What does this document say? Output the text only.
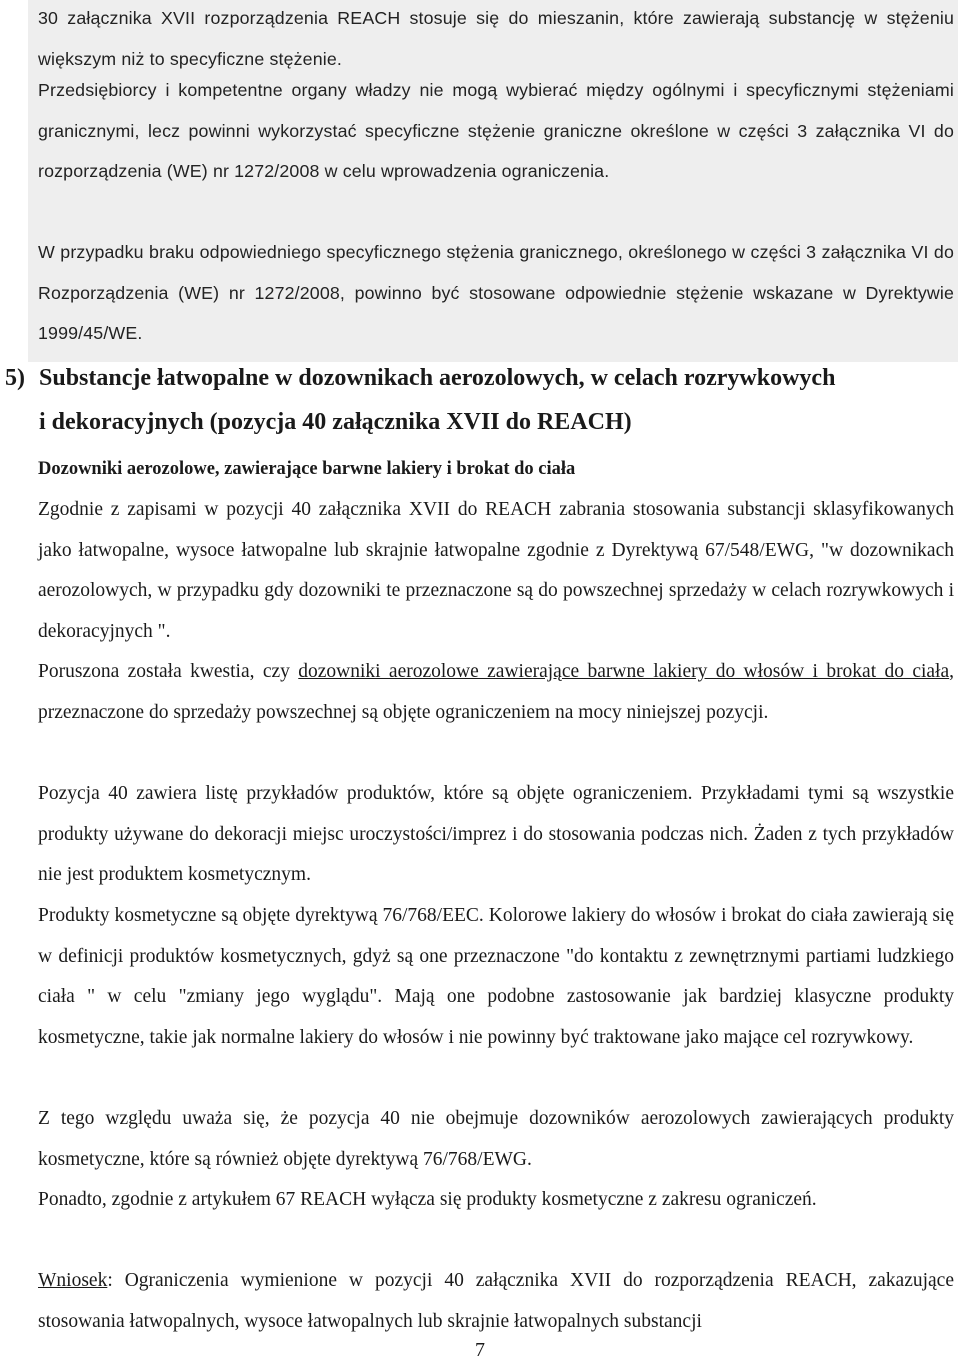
30 załącznika XVII rozporządzenia REACH stosuje się do mieszanin, które zawierają substancję w stężeniu większym niż to specyficzne stężenie.

Przedsiębiorcy i kompetentne organy władzy nie mogą wybierać między ogólnymi i specyficznymi stężeniami granicznymi, lecz powinni wykorzystać specyficzne stężenie graniczne określone w części 3 załącznika VI do rozporządzenia (WE) nr 1272/2008 w celu wprowadzenia ograniczenia.

W przypadku braku odpowiedniego specyficznego stężenia granicznego, określonego w części 3 załącznika VI do Rozporządzenia (WE) nr 1272/2008, powinno być stosowane odpowiednie stężenie wskazane w Dyrektywie 1999/45/WE.

5) Substancje łatwopalne w dozownikach aerozolowych, w celach rozrywkowych
i dekoracyjnych (pozycja 40 załącznika XVII do REACH)

Dozowniki aerozolowe, zawierające barwne lakiery i brokat do ciała

Zgodnie z zapisami w pozycji 40 załącznika XVII do REACH zabrania stosowania substancji sklasyfikowanych jako łatwopalne, wysoce łatwopalne lub skrajnie łatwopalne zgodnie z Dyrektywą 67/548/EWG, "w dozownikach aerozolowych, w przypadku gdy dozowniki te przeznaczone są do powszechnej sprzedaży w celach rozrywkowych i dekoracyjnych ".

Poruszona została kwestia, czy dozowniki aerozolowe zawierające barwne lakiery do włosów i brokat do ciała, przeznaczone do sprzedaży powszechnej są objęte ograniczeniem na mocy niniejszej pozycji.

Pozycja 40 zawiera listę przykładów produktów, które są objęte ograniczeniem. Przykładami tymi są wszystkie produkty używane do dekoracji miejsc uroczystości/imprez i do stosowania podczas nich. Żaden z tych przykładów nie jest produktem kosmetycznym.

Produkty kosmetyczne są objęte dyrektywą 76/768/EEC. Kolorowe lakiery do włosów i brokat do ciała zawierają się w definicji produktów kosmetycznych, gdyż są one przeznaczone "do kontaktu z zewnętrznymi partiami ludzkiego ciała " w celu "zmiany jego wyglądu". Mają one podobne zastosowanie jak bardziej klasyczne produkty kosmetyczne, takie jak normalne lakiery do włosów i nie powinny być traktowane jako mające cel rozrywkowy.

Z tego względu uważa się, że pozycja 40 nie obejmuje dozowników aerozolowych zawierających produkty kosmetyczne, które są również objęte dyrektywą 76/768/EWG.

Ponadto, zgodnie z artykułem 67 REACH wyłącza się produkty kosmetyczne z zakresu ograniczeń.

Wniosek: Ograniczenia wymienione w pozycji 40 załącznika XVII do rozporządzenia REACH, zakazujące stosowania łatwopalnych, wysoce łatwopalnych lub skrajnie łatwopalnych substancji

7
